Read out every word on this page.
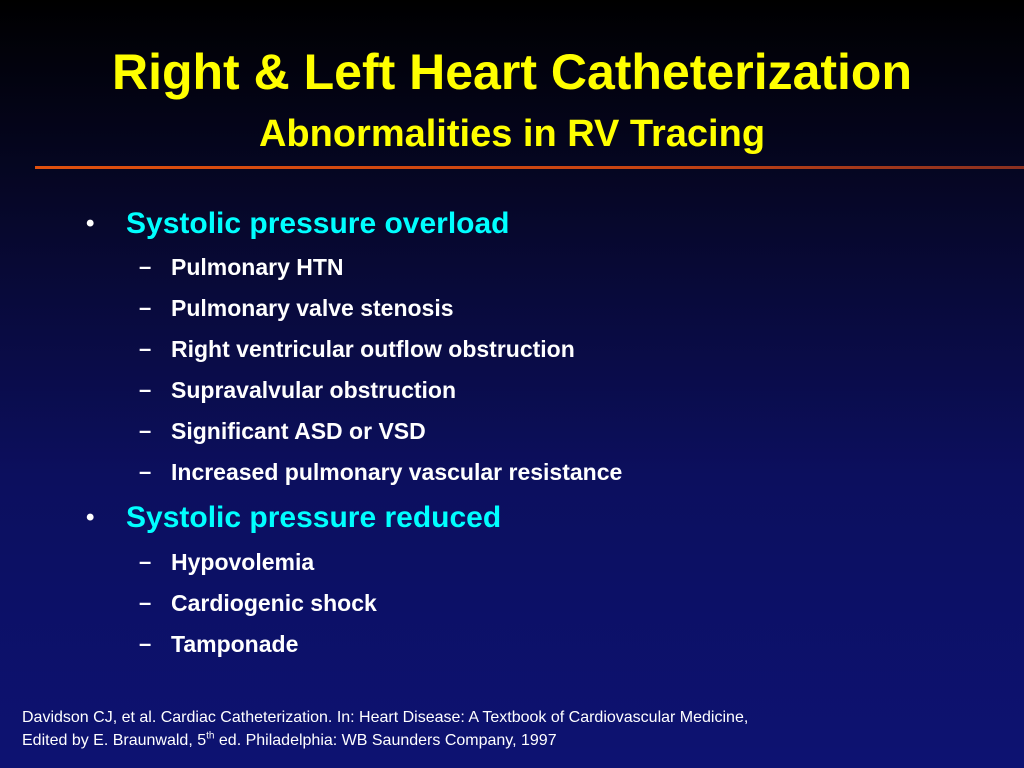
Right & Left Heart Catheterization
Abnormalities in RV Tracing
•	Systolic pressure overload
– Pulmonary HTN
– Pulmonary valve stenosis
– Right ventricular outflow obstruction
– Supravalvular obstruction
– Significant ASD or VSD
– Increased pulmonary vascular resistance
•	Systolic pressure reduced
– Hypovolemia
– Cardiogenic shock
– Tamponade

Davidson CJ, et al. Cardiac Catheterization. In: Heart Disease: A Textbook of Cardiovascular Medicine,
Edited by E. Braunwald, 5th ed. Philadelphia: WB Saunders Company, 1997
